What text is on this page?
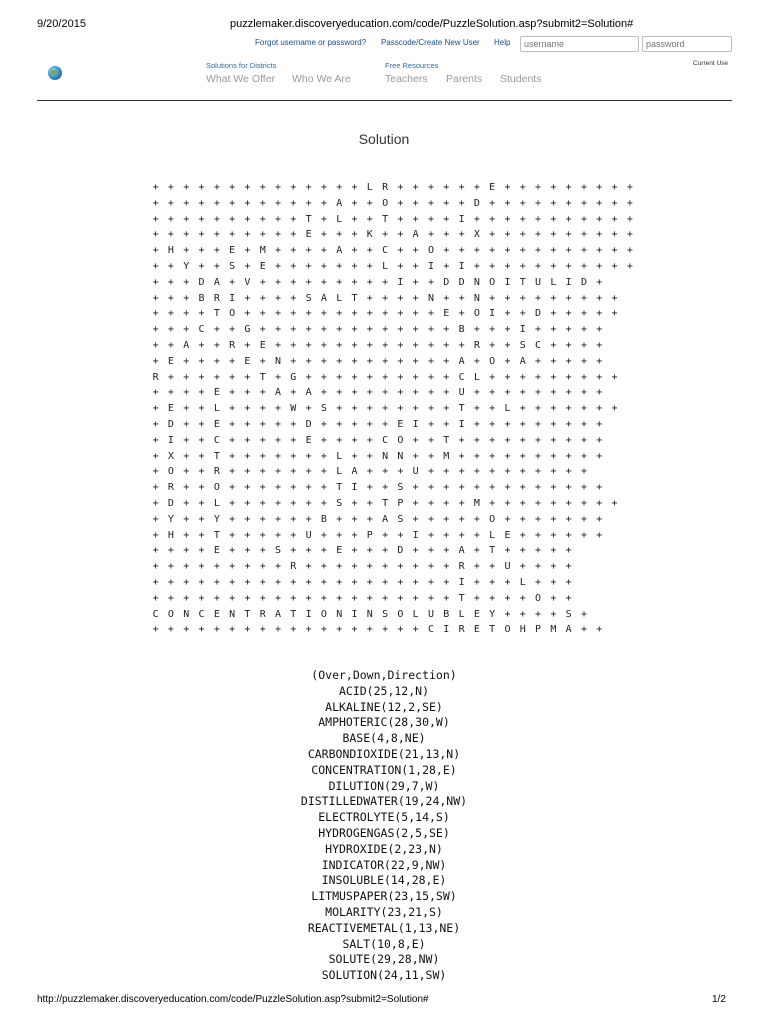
9/20/2015	puzzlemaker.discoveryeducation.com/code/PuzzleSolution.asp?submit2=Solution#
Forgot username or password? Passcode/Create New User Help
username
Solutions for Districts	Free Resources
What We Offer Who We Are	Teachers Parents Students
Current Use
Solution
+ + + + + + + + + + + + + + L R + + + + + + E + + + + + + + + +
+ + + + + + + + + + + + A + + O + + + + + D + + + + + + + + + +
+ + + + + + + + + + T + L + + T + + + + I + + + + + + + + + + +
+ + + + + + + + + + E + + + K + + A + + + X + + + + + + + + + +
+ H + + + E + M + + + + A + + C + + O + + + + + + + + + + + + +
+ + Y + + S + E + + + + + + + L + + I + I + + + + + + + + + + +
+ + + D A + V + + + + + + + + + I + + D D N O I T U L I D +
+ + + B R I + + + + S A L T + + + + N + + N + + + + + + + + +
+ + + + T O + + + + + + + + + + + + + E + O I + + D + + + + +
+ + + C + + G + + + + + + + + + + + + + B + + + I + + + + +
+ + A + + R + E + + + + + + + + + + + + + R + + S C + + + +
+ E + + + + E + N + + + + + + + + + + + A + O + A + + + + +
R + + + + + + T + G + + + + + + + + + + C L + + + + + + + + +
+ + + + E + + + A + A + + + + + + + + + U + + + + + + + + +
+ E + + L + + + + W + S + + + + + + + + T + + L + + + + + + +
+ D + + E + + + + + D + + + + + E I + + I + + + + + + + + +
+ I + + C + + + + + E + + + + C O + + T + + + + + + + + + +
+ X + + T + + + + + + + L + + N N + + M + + + + + + + + + +
+ O + + R + + + + + + + L A + + + U + + + + + + + + + + +
+ R + + O + + + + + + + T I + + S + + + + + + + + + + + + +
+ D + + L + + + + + + + S + + T P + + + + M + + + + + + + + +
+ Y + + Y + + + + + + B + + + A S + + + + + O + + + + + + +
+ H + + T + + + + + U + + + P + + I + + + + L E + + + + + +
+ + + + E + + + S + + + E + + + D + + + A + T + + + + +
+ + + + + + + + + R + + + + + + + + + + R + + U + + + +
+ + + + + + + + + + + + + + + + + + + + I + + + L + + +
+ + + + + + + + + + + + + + + + + + + + T + + + + O + +
C O N C E N T R A T I O N I N S O L U B L E Y + + + + S +
+ + + + + + + + + + + + + + + + + + C I R E T O H P M A + +
(Over,Down,Direction)
ACID(25,12,N)
ALKALINE(12,2,SE)
AMPHOTERIC(28,30,W)
BASE(4,8,NE)
CARBONDIOXIDE(21,13,N)
CONCENTRATION(1,28,E)
DILUTION(29,7,W)
DISTILLEDWATER(19,24,NW)
ELECTROLYTE(5,14,S)
HYDROGENGAS(2,5,SE)
HYDROXIDE(2,23,N)
INDICATOR(22,9,NW)
INSOLUBLE(14,28,E)
LITMUSPAPER(23,15,SW)
MOLARITY(23,21,S)
REACTIVEMETAL(1,13,NE)
SALT(10,8,E)
SOLUTE(29,28,NW)
SOLUTION(24,11,SW)
http://puzzlemaker.discoveryeducation.com/code/PuzzleSolution.asp?submit2=Solution#	1/2
